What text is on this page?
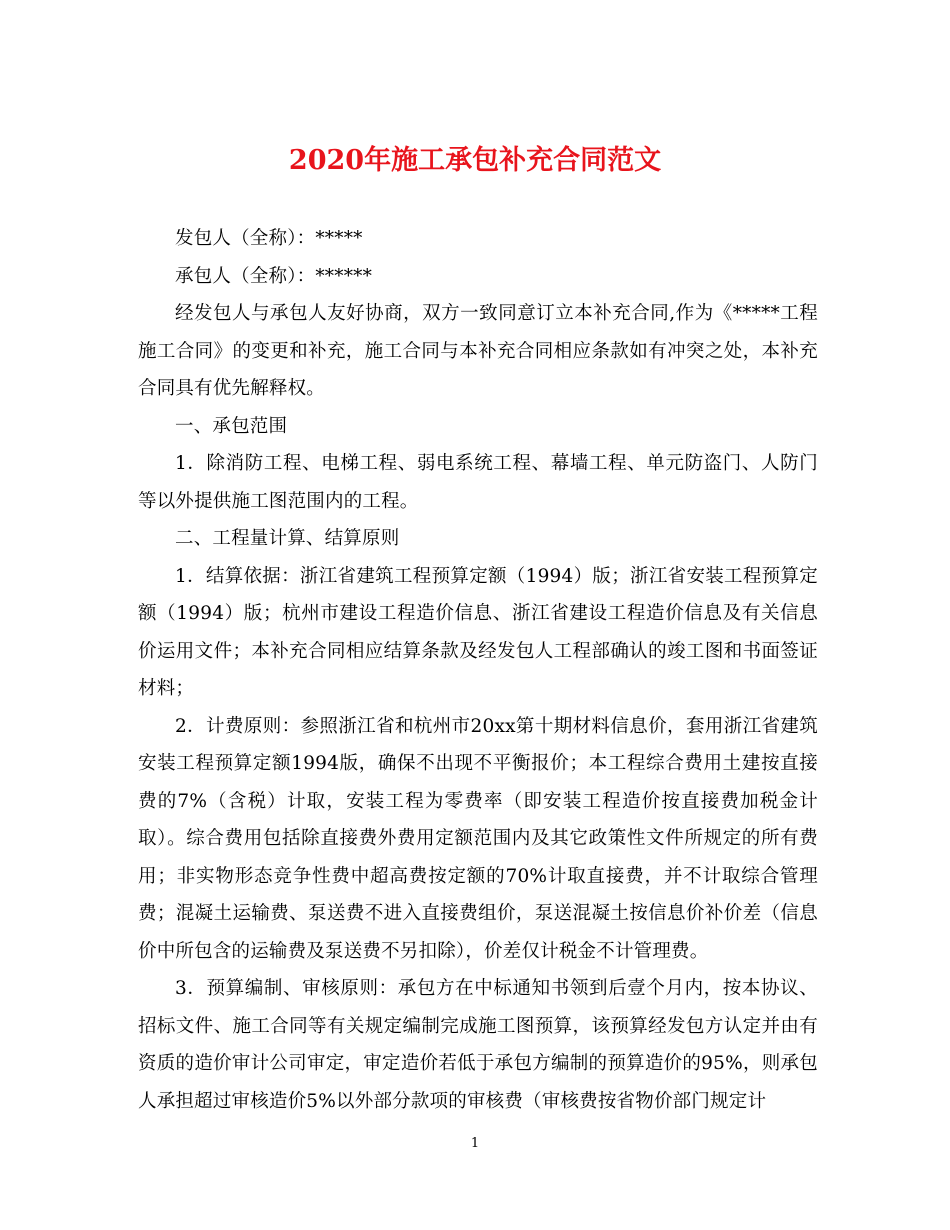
2020年施工承包补充合同范文

发包人（全称）：*****

承包人（全称）：******

经发包人与承包人友好协商，双方一致同意订立本补充合同,作为《*****工程施工合同》的变更和补充，施工合同与本补充合同相应条款如有冲突之处，本补充合同具有优先解释权。

一、承包范围

1．除消防工程、电梯工程、弱电系统工程、幕墙工程、单元防盗门、人防门等以外提供施工图范围内的工程。

二、工程量计算、结算原则

1．结算依据：浙江省建筑工程预算定额（1994）版；浙江省安装工程预算定额（1994）版；杭州市建设工程造价信息、浙江省建设工程造价信息及有关信息价运用文件；本补充合同相应结算条款及经发包人工程部确认的竣工图和书面签证材料；

2．计费原则：参照浙江省和杭州市20xx第十期材料信息价，套用浙江省建筑安装工程预算定额1994版，确保不出现不平衡报价；本工程综合费用土建按直接费的7%（含税）计取，安装工程为零费率（即安装工程造价按直接费加税金计取）。综合费用包括除直接费外费用定额范围内及其它政策性文件所规定的所有费用；非实物形态竞争性费中超高费按定额的70%计取直接费，并不计取综合管理费；混凝土运输费、泵送费不进入直接费组价，泵送混凝土按信息价补价差（信息价中所包含的运输费及泵送费不另扣除），价差仅计税金不计管理费。

3．预算编制、审核原则：承包方在中标通知书领到后壹个月内，按本协议、招标文件、施工合同等有关规定编制完成施工图预算，该预算经发包方认定并由有资质的造价审计公司审定，审定造价若低于承包方编制的预算造价的95%，则承包人承担超过审核造价5%以外部分款项的审核费（审核费按省物价部门规定计

1
